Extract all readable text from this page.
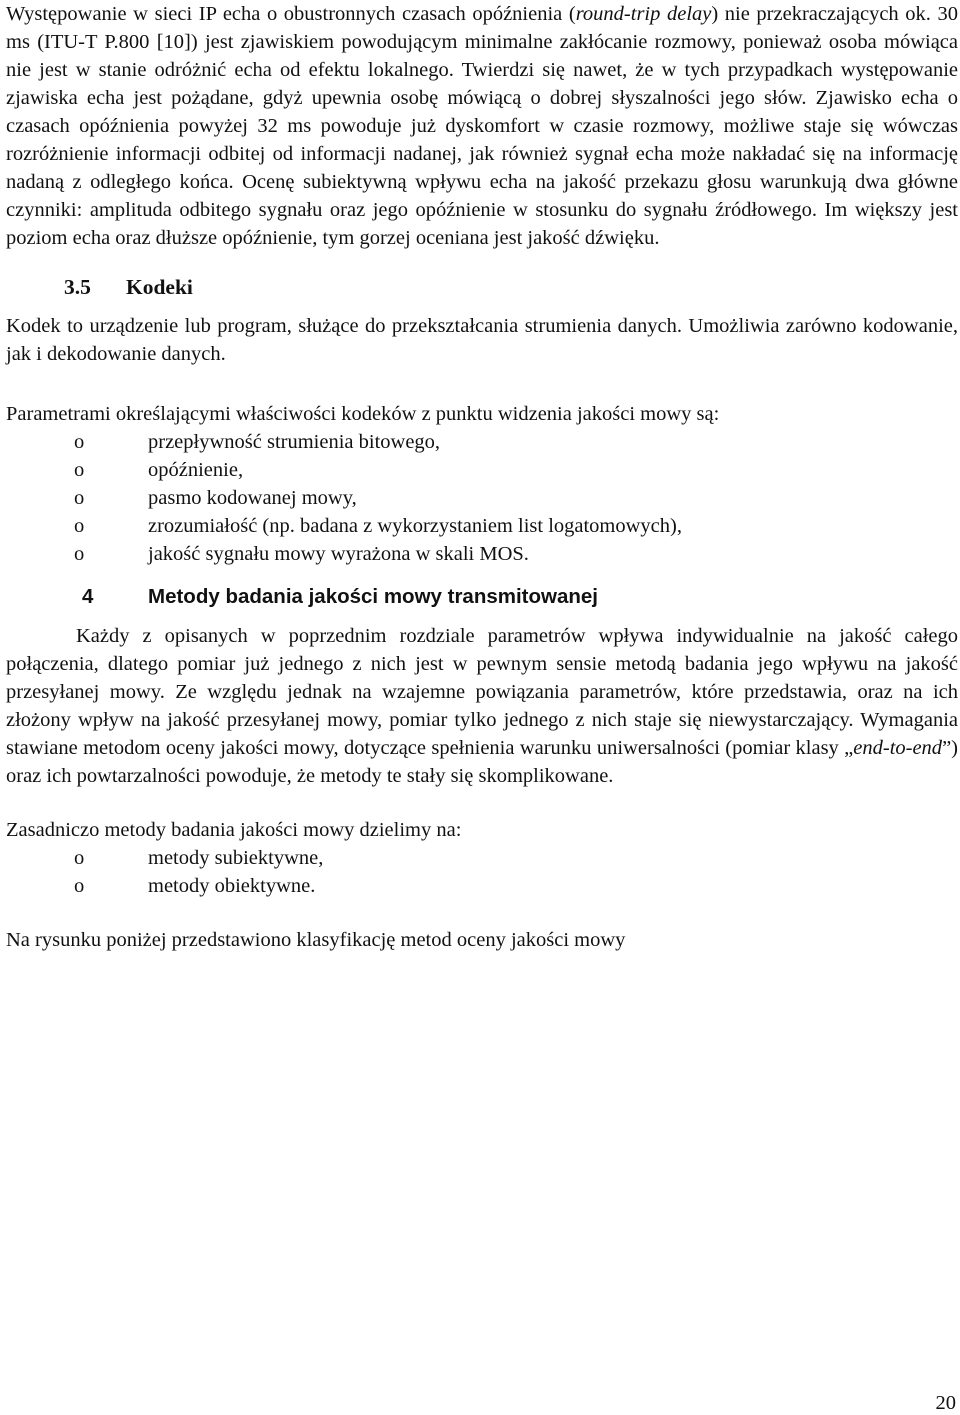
Występowanie w sieci IP echa o obustronnych czasach opóźnienia (round-trip delay) nie przekraczających ok. 30 ms (ITU-T P.800 [10]) jest zjawiskiem powodującym minimalne zakłócanie rozmowy, ponieważ osoba mówiąca nie jest w stanie odróżnić echa od efektu lokalnego. Twierdzi się nawet, że w tych przypadkach występowanie zjawiska echa jest pożądane, gdyż upewnia osobę mówiącą o dobrej słyszalności jego słów. Zjawisko echa o czasach opóźnienia powyżej 32 ms powoduje już dyskomfort w czasie rozmowy, możliwe staje się wówczas rozróżnienie informacji odbitej od informacji nadanej, jak również sygnał echa może nakładać się na informację nadaną z odległego końca. Ocenę subiektywną wpływu echa na jakość przekazu głosu warunkują dwa główne czynniki: amplituda odbitego sygnału oraz jego opóźnienie w stosunku do sygnału źródłowego. Im większy jest poziom echa oraz dłuższe opóźnienie, tym gorzej oceniana jest jakość dźwięku.

3.5	Kodeki

Kodek to urządzenie lub program, służące do przekształcania strumienia danych. Umożliwia zarówno kodowanie, jak i dekodowanie danych.

Parametrami określającymi właściwości kodeków z punktu widzenia jakości mowy są:

o	przepływność strumienia bitowego,
o	opóźnienie,
o	pasmo kodowanej mowy,
o	zrozumiałość (np. badana z wykorzystaniem list logatomowych),
o	jakość sygnału mowy wyrażona w skali MOS.
4	Metody badania jakości mowy transmitowanej

Każdy z opisanych w poprzednim rozdziale parametrów wpływa indywidualnie na jakość całego połączenia, dlatego pomiar już jednego z nich jest w pewnym sensie metodą badania jego wpływu na jakość przesyłanej mowy. Ze względu jednak na wzajemne powiązania parametrów, które przedstawia, oraz na ich złożony wpływ na jakość przesyłanej mowy, pomiar tylko jednego z nich staje się niewystarczający. Wymagania stawiane metodom oceny jakości mowy, dotyczące spełnienia warunku uniwersalności (pomiar klasy „end-to-end”) oraz ich powtarzalności powoduje, że metody te stały się skomplikowane.

Zasadniczo metody badania jakości mowy dzielimy na:

o	metody subiektywne,
o	metody obiektywne.

Na rysunku poniżej przedstawiono klasyfikację metod oceny jakości mowy

20
